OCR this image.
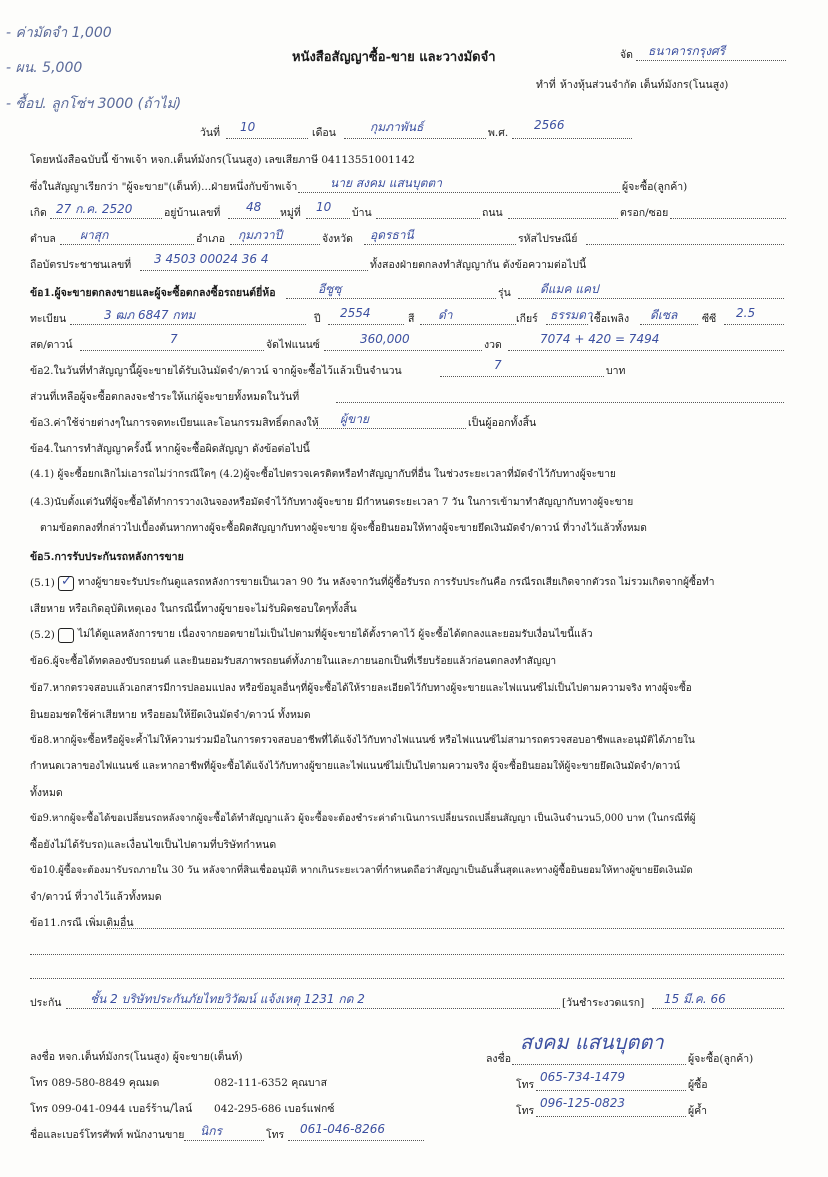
- ค่ามัดจำ 1,000
- ผน. 5,000
- ซื้อป. ลูกโซ่ฯ 3000 (ถ้าไม่)
หนังสือสัญญาซื้อ-ขาย และวางมัดจำ	จัด ธนาคารกรุงศรี
ทำที่ ห้างหุ้นส่วนจำกัด เต็นท์มังกร(โนนสูง)
วันที่ 10	เดือน	กุมภาพันธ์	พ.ศ.
2566
โดยหนังสือฉบับนี้ ข้าพเจ้า หจก.เต็นท์มังกร(โนนสูง) เลขเสียภาษี 04113551001142
ซึ่งในสัญญาเรียกว่า "ผู้จะขาย"(เต็นท์)...ฝ่ายหนึ่งกับข้าพเจ้า	นาย สงคม แสนบุตตา	ผู้จะซื้อ(ลูกค้า)
เกิด 27 ก.ค. 2520	อยู่บ้านเลขที่ 48 หมู่ที่ 10 บ้าน	ถนน	ตรอก/ซอย
ตำบล ผาสุก	อำเภอ กุมภวาปี	จังหวัด อุดรธานี	รหัสไปรษณีย์
ถือบัตรประชาชนเลขที่ 3 4503 00024 36 4	ทั้งสองฝ่ายตกลงทำสัญญากัน ดังข้อความต่อไปนี้
ข้อ1.ผู้จะขายตกลงขายและผู้จะซื้อตกลงซื้อรถยนต์ยี่ห้อ	อีซูซุ	รุ่น ดีแมค แคป
ทะเบียน	3 ฒภ 6847 กทม	ปี 2554	สี ดำ	เกียร์ ธรรมดา
เชื้อเพลิง ดีเซล ซีซี 2.5
สด/ดาวน์	7	จัดไฟแนนซ์	360,000	งวด	7074 + 420 = 7494
ข้อ2.ในวันที่ทำสัญญานี้ผู้จะขายได้รับเงินมัดจำ/ดาวน์ จากผู้จะซื้อไว้แล้วเป็นจำนวน	7	บาท
ส่วนที่เหลือผู้จะซื้อตกลงจะชำระให้แก่ผู้จะขายทั้งหมดในวันที่
ข้อ3.ค่าใช้จ่ายต่างๆในการจดทะเบียนและโอนกรรมสิทธิ์ตกลงให้ ผู้ขาย	เป็นผู้ออกทั้งสิ้น
ข้อ4.ในการทำสัญญาครั้งนี้ หากผู้จะซื้อผิดสัญญา ดังข้อต่อไปนี้
(4.1) ผู้จะซื้อยกเลิกไม่เอารถไม่ว่ากรณีใดๆ (4.2)ผู้จะซื้อไปตรวจเครดิตหรือทำสัญญากับที่อื่น ในช่วงระยะเวลาที่มัดจำไว้กับทางผู้จะขาย
(4.3)นับตั้งแต่วันที่ผู้จะซื้อได้ทำการวางเงินจองหรือมัดจำไว้กับทางผู้จะขาย มีกำหนดระยะเวลา 7 วัน ในการเข้ามาทำสัญญากับทางผู้จะขาย
ตามข้อตกลงที่กล่าวไปเบื้องต้นหากทางผู้จะซื้อผิดสัญญากับทางผู้จะขาย ผู้จะซื้อยินยอมให้ทางผู้จะขายยึดเงินมัดจำ/ดาวน์ ที่วางไว้แล้วทั้งหมด
ข้อ5.การรับประกันรถหลังการขาย
(5.1) ✓ ทางผู้ขายจะรับประกันดูแลรถหลังการขายเป็นเวลา 90 วัน หลังจากวันที่ผู้ซื้อรับรถ การรับประกันคือ กรณีรถเสียเกิดจากตัวรถ ไม่รวมเกิดจากผู้ซื้อทำ
เสียหาย หรือเกิดอุบัติเหตุเอง ในกรณีนี้ทางผู้ขายจะไม่รับผิดชอบใดๆทั้งสิ้น
(5.2) ไม่ได้ดูแลหลังการขาย เนื่องจากยอดขายไม่เป็นไปตามที่ผู้จะขายได้ตั้งราคาไว้ ผู้จะซื้อได้ตกลงและยอมรับเงื่อนไขนี้แล้ว
ข้อ6.ผู้จะซื้อได้ทดลองขับรถยนต์ และยินยอมรับสภาพรถยนต์ทั้งภายในและภายนอกเป็นที่เรียบร้อยแล้วก่อนตกลงทำสัญญา
ข้อ7.หากตรวจสอบแล้วเอกสารมีการปลอมแปลง หรือข้อมูลอื่นๆที่ผู้จะซื้อได้ให้รายละเอียดไว้กับทางผู้จะขายและไฟแนนซ์ไม่เป็นไปตามความจริง ทางผู้จะซื้อ
ยินยอมชดใช้ค่าเสียหาย หรือยอมให้ยึดเงินมัดจำ/ดาวน์ ทั้งหมด
ข้อ8.หากผู้จะซื้อหรือผู้จะค้ำไม่ให้ความร่วมมือในการตรวจสอบอาชีพที่ได้แจ้งไว้กับทางไฟแนนซ์ หรือไฟแนนซ์ไม่สามารถตรวจสอบอาชีพและอนุมัติได้ภายใน
กำหนดเวลาของไฟแนนซ์ และหากอาชีพที่ผู้จะซื้อได้แจ้งไว้กับทางผู้ขายและไฟแนนซ์ไม่เป็นไปตามความจริง ผู้จะซื้อยินยอมให้ผู้จะขายยึดเงินมัดจำ/ดาวน์
ทั้งหมด
ข้อ9.หากผู้จะซื้อได้ขอเปลี่ยนรถหลังจากผู้จะซื้อได้ทำสัญญาแล้ว ผู้จะซื้อจะต้องชำระค่าดำเนินการเปลี่ยนรถเปลี่ยนสัญญา เป็นเงินจำนวน5,000 บาท (ในกรณีที่ผู้
ซื้อยังไม่ได้รับรถ)และเงื่อนไขเป็นไปตามที่บริษัทกำหนด
ข้อ10.ผู้ซื้อจะต้องมารับรถภายใน 30 วัน หลังจากที่สินเชื่ออนุมัติ หากเกินระยะเวลาที่กำหนดถือว่าสัญญาเป็นอันสิ้นสุดและทางผู้ซื้อยินยอมให้ทางผู้ขายยึดเงินมัด
จำ/ดาวน์ ที่วางไว้แล้วทั้งหมด
ข้อ11.กรณี เพิ่มเติมอื่น
ประกัน ชั้น 2 บริษัทประกันภัยไทยวิวัฒน์ แจ้งเหตุ 1231 กด 2	[วันชำระงวดแรก] 15 มี.ค. 66
ลงชื่อ หจก.เต็นท์มังกร(โนนสูง) ผู้จะขาย(เต็นท์)	ลงชื่อ
สงคม แสนบุตตา
ผู้จะซื้อ(ลูกค้า)
โทร 089-580-8849 คุณมด	082-111-6352 คุณบาส	โทร
065-734-1479
ผู้ซื้อ
โทร 099-041-0944 เบอร์ร้าน/ไลน์ 042-295-686 เบอร์แฟกซ์	โทร
096-125-0823
ผู้ค้ำ
ชื่อและเบอร์โทรศัพท์ พนักงานขาย นิกร	โทร 061-046-8266
